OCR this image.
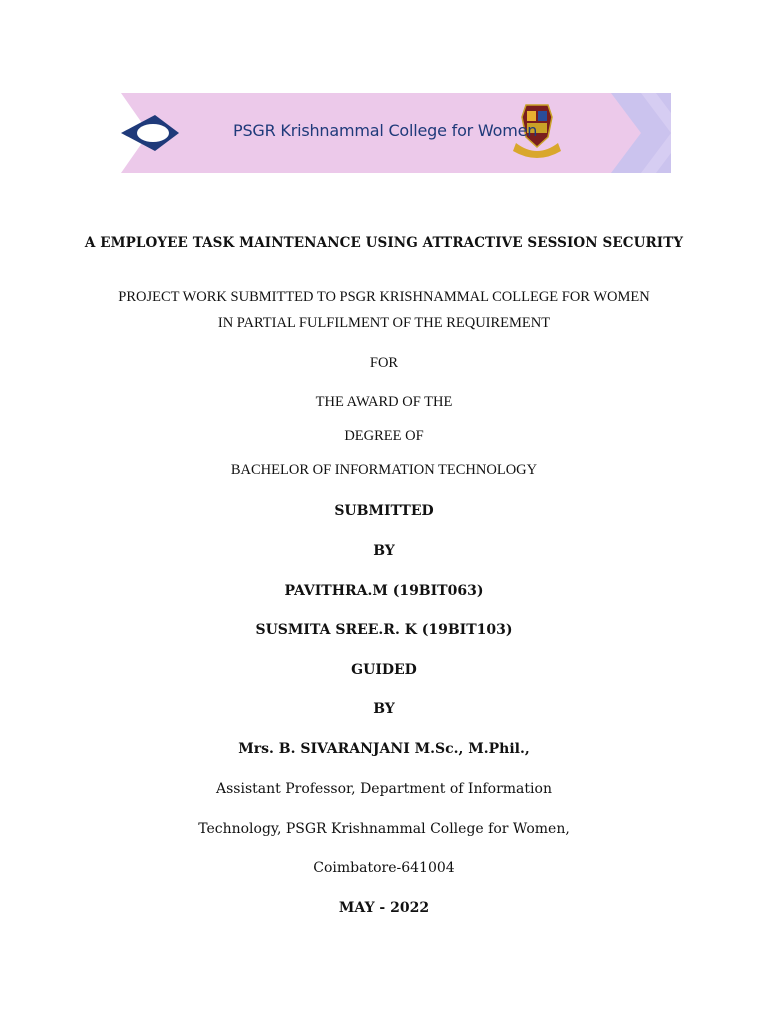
PSGR Krishnammal College for Women
A EMPLOYEE TASK MAINTENANCE USING ATTRACTIVE SESSION SECURITY
PROJECT WORK SUBMITTED TO PSGR KRISHNAMMAL COLLEGE FOR WOMEN
IN PARTIAL FULFILMENT OF THE REQUIREMENT
FOR
THE AWARD OF THE
DEGREE OF
BACHELOR OF INFORMATION TECHNOLOGY
SUBMITTED
BY
PAVITHRA.M (19BIT063)
SUSMITA SREE.R. K (19BIT103)
GUIDED
BY
Mrs. B. SIVARANJANI M.Sc., M.Phil.,
Assistant Professor, Department of Information
Technology, PSGR Krishnammal College for Women,
Coimbatore-641004
MAY - 2022
